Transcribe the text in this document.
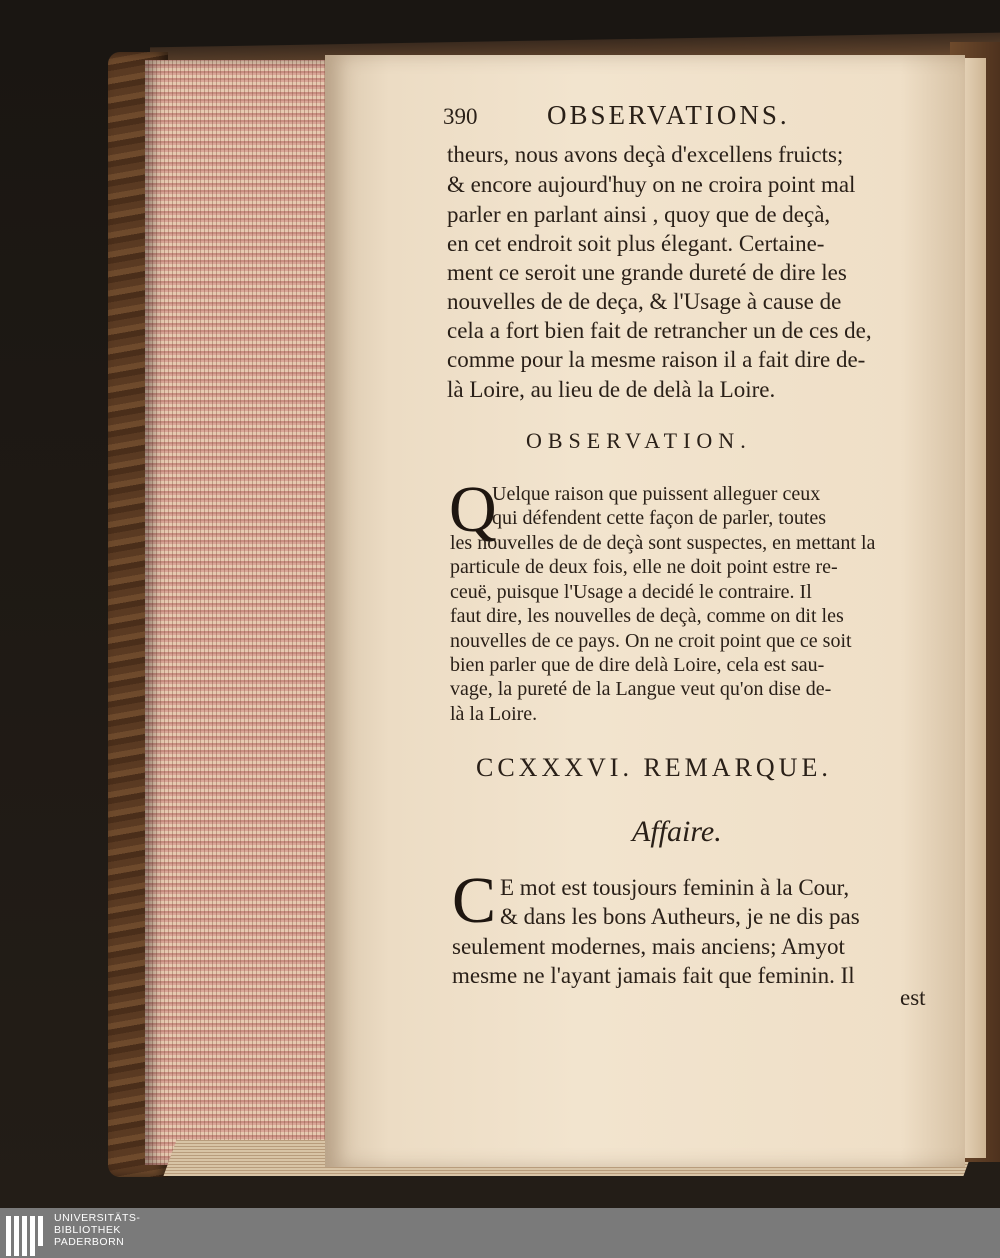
390	OBSERVATIONS.
theurs, nous avons deçà d'excellens fruicts;
& encore aujourd'huy on ne croira point mal
parler en parlant ainsi , quoy que de deçà,
en cet endroit soit plus élegant. Certaine-
ment ce seroit une grande dureté de dire les
nouvelles de de deça, & l'Usage à cause de
cela a fort bien fait de retrancher un de ces de,
comme pour la mesme raison il a fait dire de-
là Loire, au lieu de de delà la Loire.
OBSERVATION.
Q
Uelque raison que puissent alleguer ceux
qui défendent cette façon de parler, toutes
les nouvelles de de deçà sont suspectes, en mettant la
particule de deux fois, elle ne doit point estre re-
ceuë, puisque l'Usage a decidé le contraire. Il
faut dire, les nouvelles de deçà, comme on dit les
nouvelles de ce pays. On ne croit point que ce soit
bien parler que de dire delà Loire, cela est sau-
vage, la pureté de la Langue veut qu'on dise de-
là la Loire.
CCXXXVI. REMARQUE.
Affaire.
C E mot est tousjours feminin à la Cour,
& dans les bons Autheurs, je ne dis pas
seulement modernes, mais anciens; Amyot
mesme ne l'ayant jamais fait que feminin. Il
est
UNIVERSITÄTS-
BIBLIOTHEK
PADERBORN
